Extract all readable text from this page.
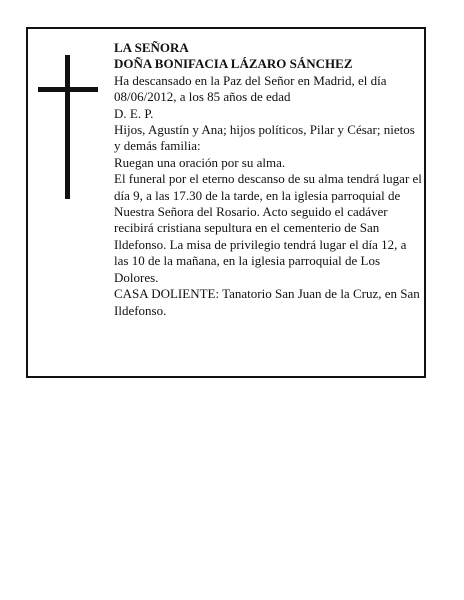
LA SEÑORA

DOÑA BONIFACIA LÁZARO SÁNCHEZ

Ha descansado en la Paz del Señor en Madrid, el día 08/06/2012, a los 85 años de edad

D. E. P.

Hijos, Agustín y Ana; hijos políticos, Pilar y César; nietos y demás familia:

Ruegan una oración por su alma.

El funeral por el eterno descanso de su alma tendrá lugar el día 9, a las 17.30 de la tarde, en la iglesia parroquial de Nuestra Señora del Rosario. Acto seguido el cadáver recibirá cristiana sepultura en el cementerio de San Ildefonso. La misa de privilegio tendrá lugar el día 12, a las 10 de la mañana, en la iglesia parroquial de Los Dolores.

CASA DOLIENTE: Tanatorio San Juan de la Cruz, en San Ildefonso.
